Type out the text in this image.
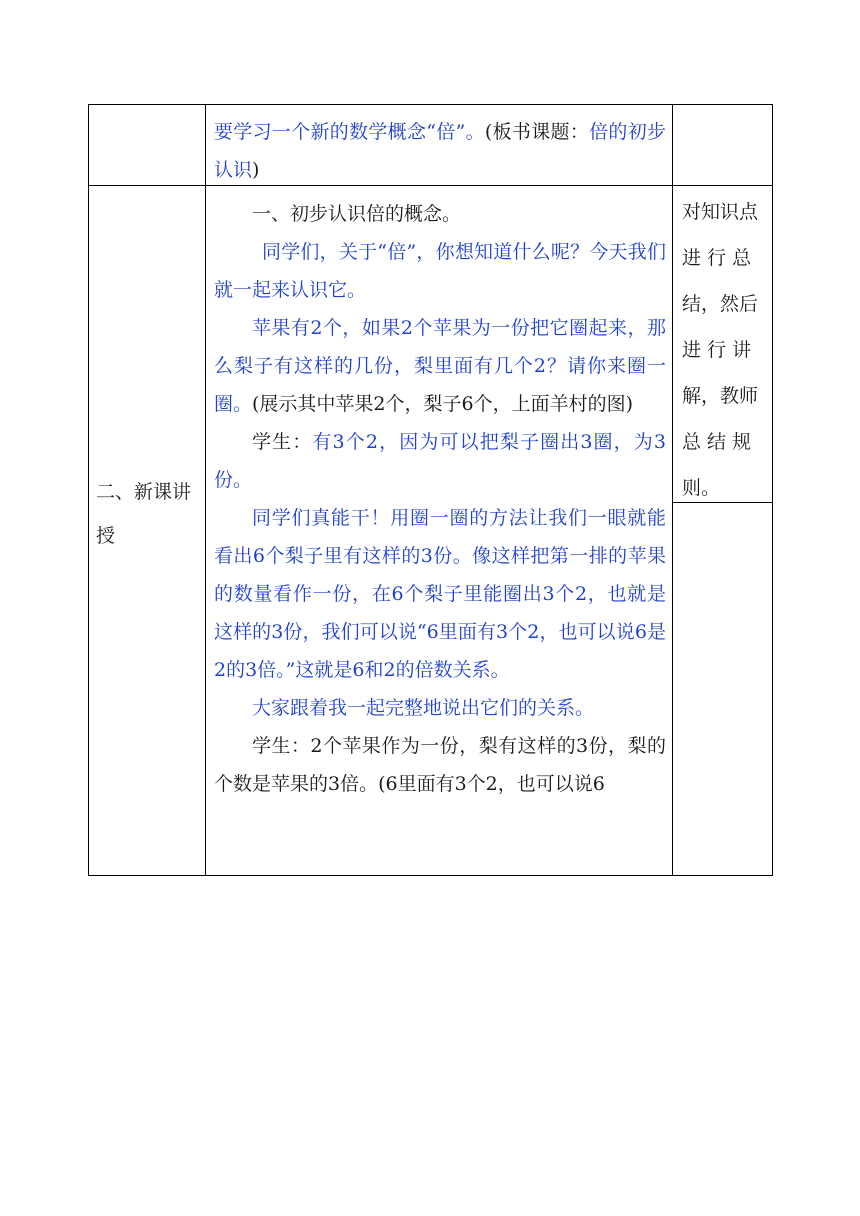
要学习一个新的数学概念“倍”。(板书课题：倍的初步认识)

二、新课讲授

一、初步认识倍的概念。

同学们，关于“倍”，你想知道什么呢？今天我们就一起来认识它。

苹果有2个，如果2个苹果为一份把它圈起来，那么梨子有这样的几份，梨里面有几个2？请你来圈一圈。(展示其中苹果2个，梨子6个，上面羊村的图)

学生：有3个2，因为可以把梨子圈出3圈，为3份。

同学们真能干！用圈一圈的方法让我们一眼就能看出6个梨子里有这样的3份。像这样把第一排的苹果的数量看作一份，在6个梨子里能圈出3个2，也就是这样的3份，我们可以说“6里面有3个2，也可以说6是2的3倍。”这就是6和2的倍数关系。

大家跟着我一起完整地说出它们的关系。

学生：2个苹果作为一份，梨有这样的3份，梨的个数是苹果的3倍。(6里面有3个2，也可以说6

对知识点
进 行 总
结，然后
进 行 讲
解，教师
总 结 规
则。
